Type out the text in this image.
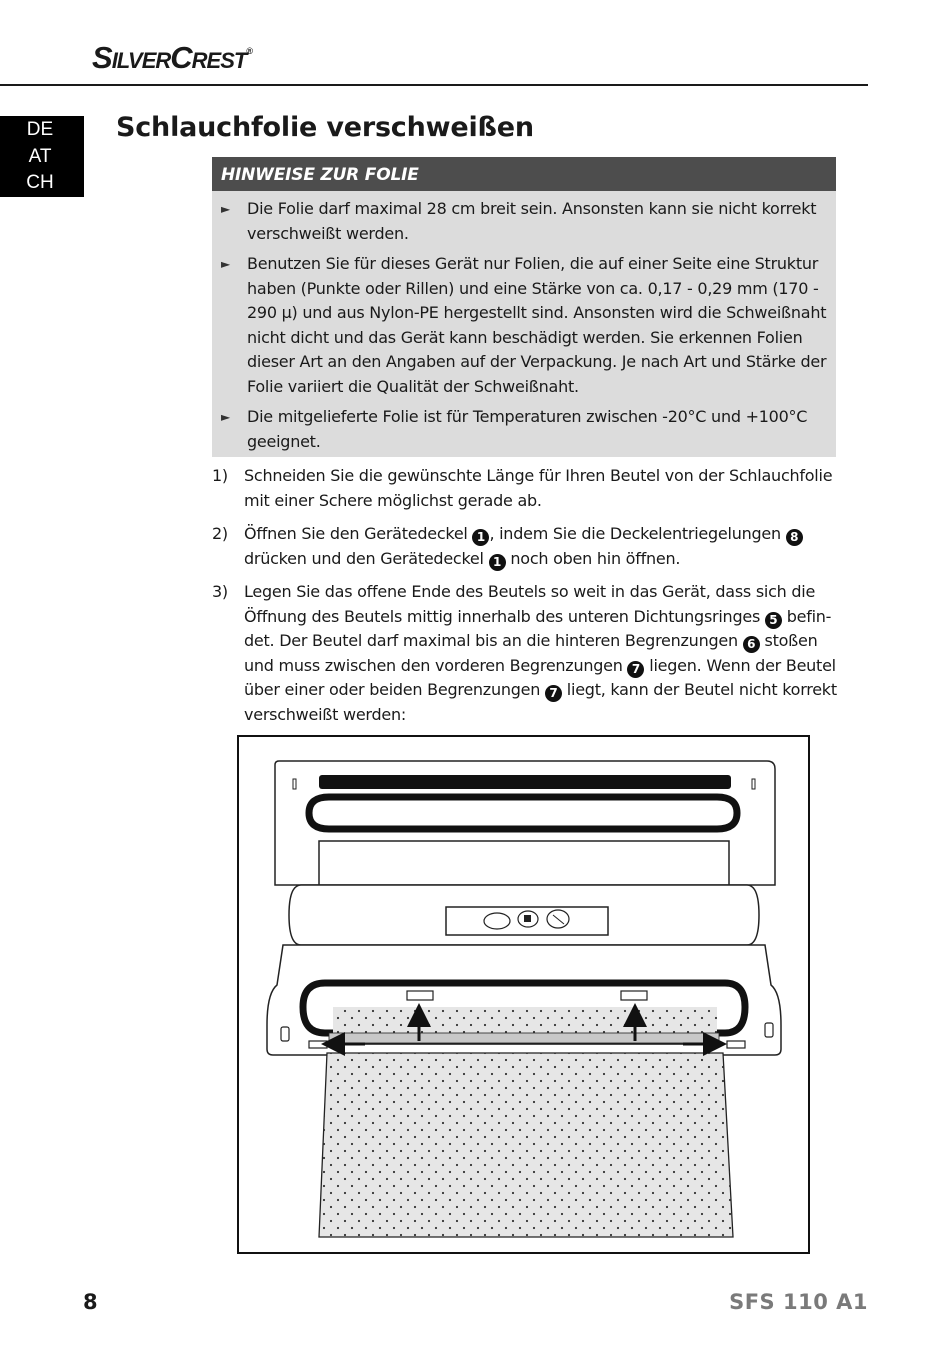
SILVERCREST®
DE
AT
CH
Schlauchfolie verschweißen
HINWEISE ZUR FOLIE
► Die Folie darf maximal 28 cm breit sein. Ansonsten kann sie nicht korrekt verschweißt werden.
► Benutzen Sie für dieses Gerät nur Folien, die auf einer Seite eine Struktur haben (Punkte oder Rillen) und eine Stärke von ca. 0,17 - 0,29 mm (170 - 290 µ) und aus Nylon-PE hergestellt sind. Ansonsten wird die Schweißnaht nicht dicht und das Gerät kann beschädigt werden. Sie erkennen Folien dieser Art an den Angaben auf der Verpackung. Je nach Art und Stärke der Folie variiert die Qualität der Schweißnaht.
► Die mitgelieferte Folie ist für Temperaturen zwischen -20°C und +100°C geeignet.
1) Schneiden Sie die gewünschte Länge für Ihren Beutel von der Schlauchfolie mit einer Schere möglichst gerade ab.
2) Öffnen Sie den Gerätedeckel 1 , indem Sie die Deckelentriegelungen 8 drücken und den Gerätedeckel 1 noch oben hin öffnen.
3) Legen Sie das offene Ende des Beutels so weit in das Gerät, dass sich die Öffnung des Beutels mittig innerhalb des unteren Dichtungsringes 5 befin-det. Der Beutel darf maximal bis an die hinteren Begrenzungen 6 stoßen und muss zwischen den vorderen Begrenzungen 7 liegen. Wenn der Beutel über einer oder beiden Begrenzungen 7 liegt, kann der Beutel nicht korrekt verschweißt werden:
8	SFS 110 A1
